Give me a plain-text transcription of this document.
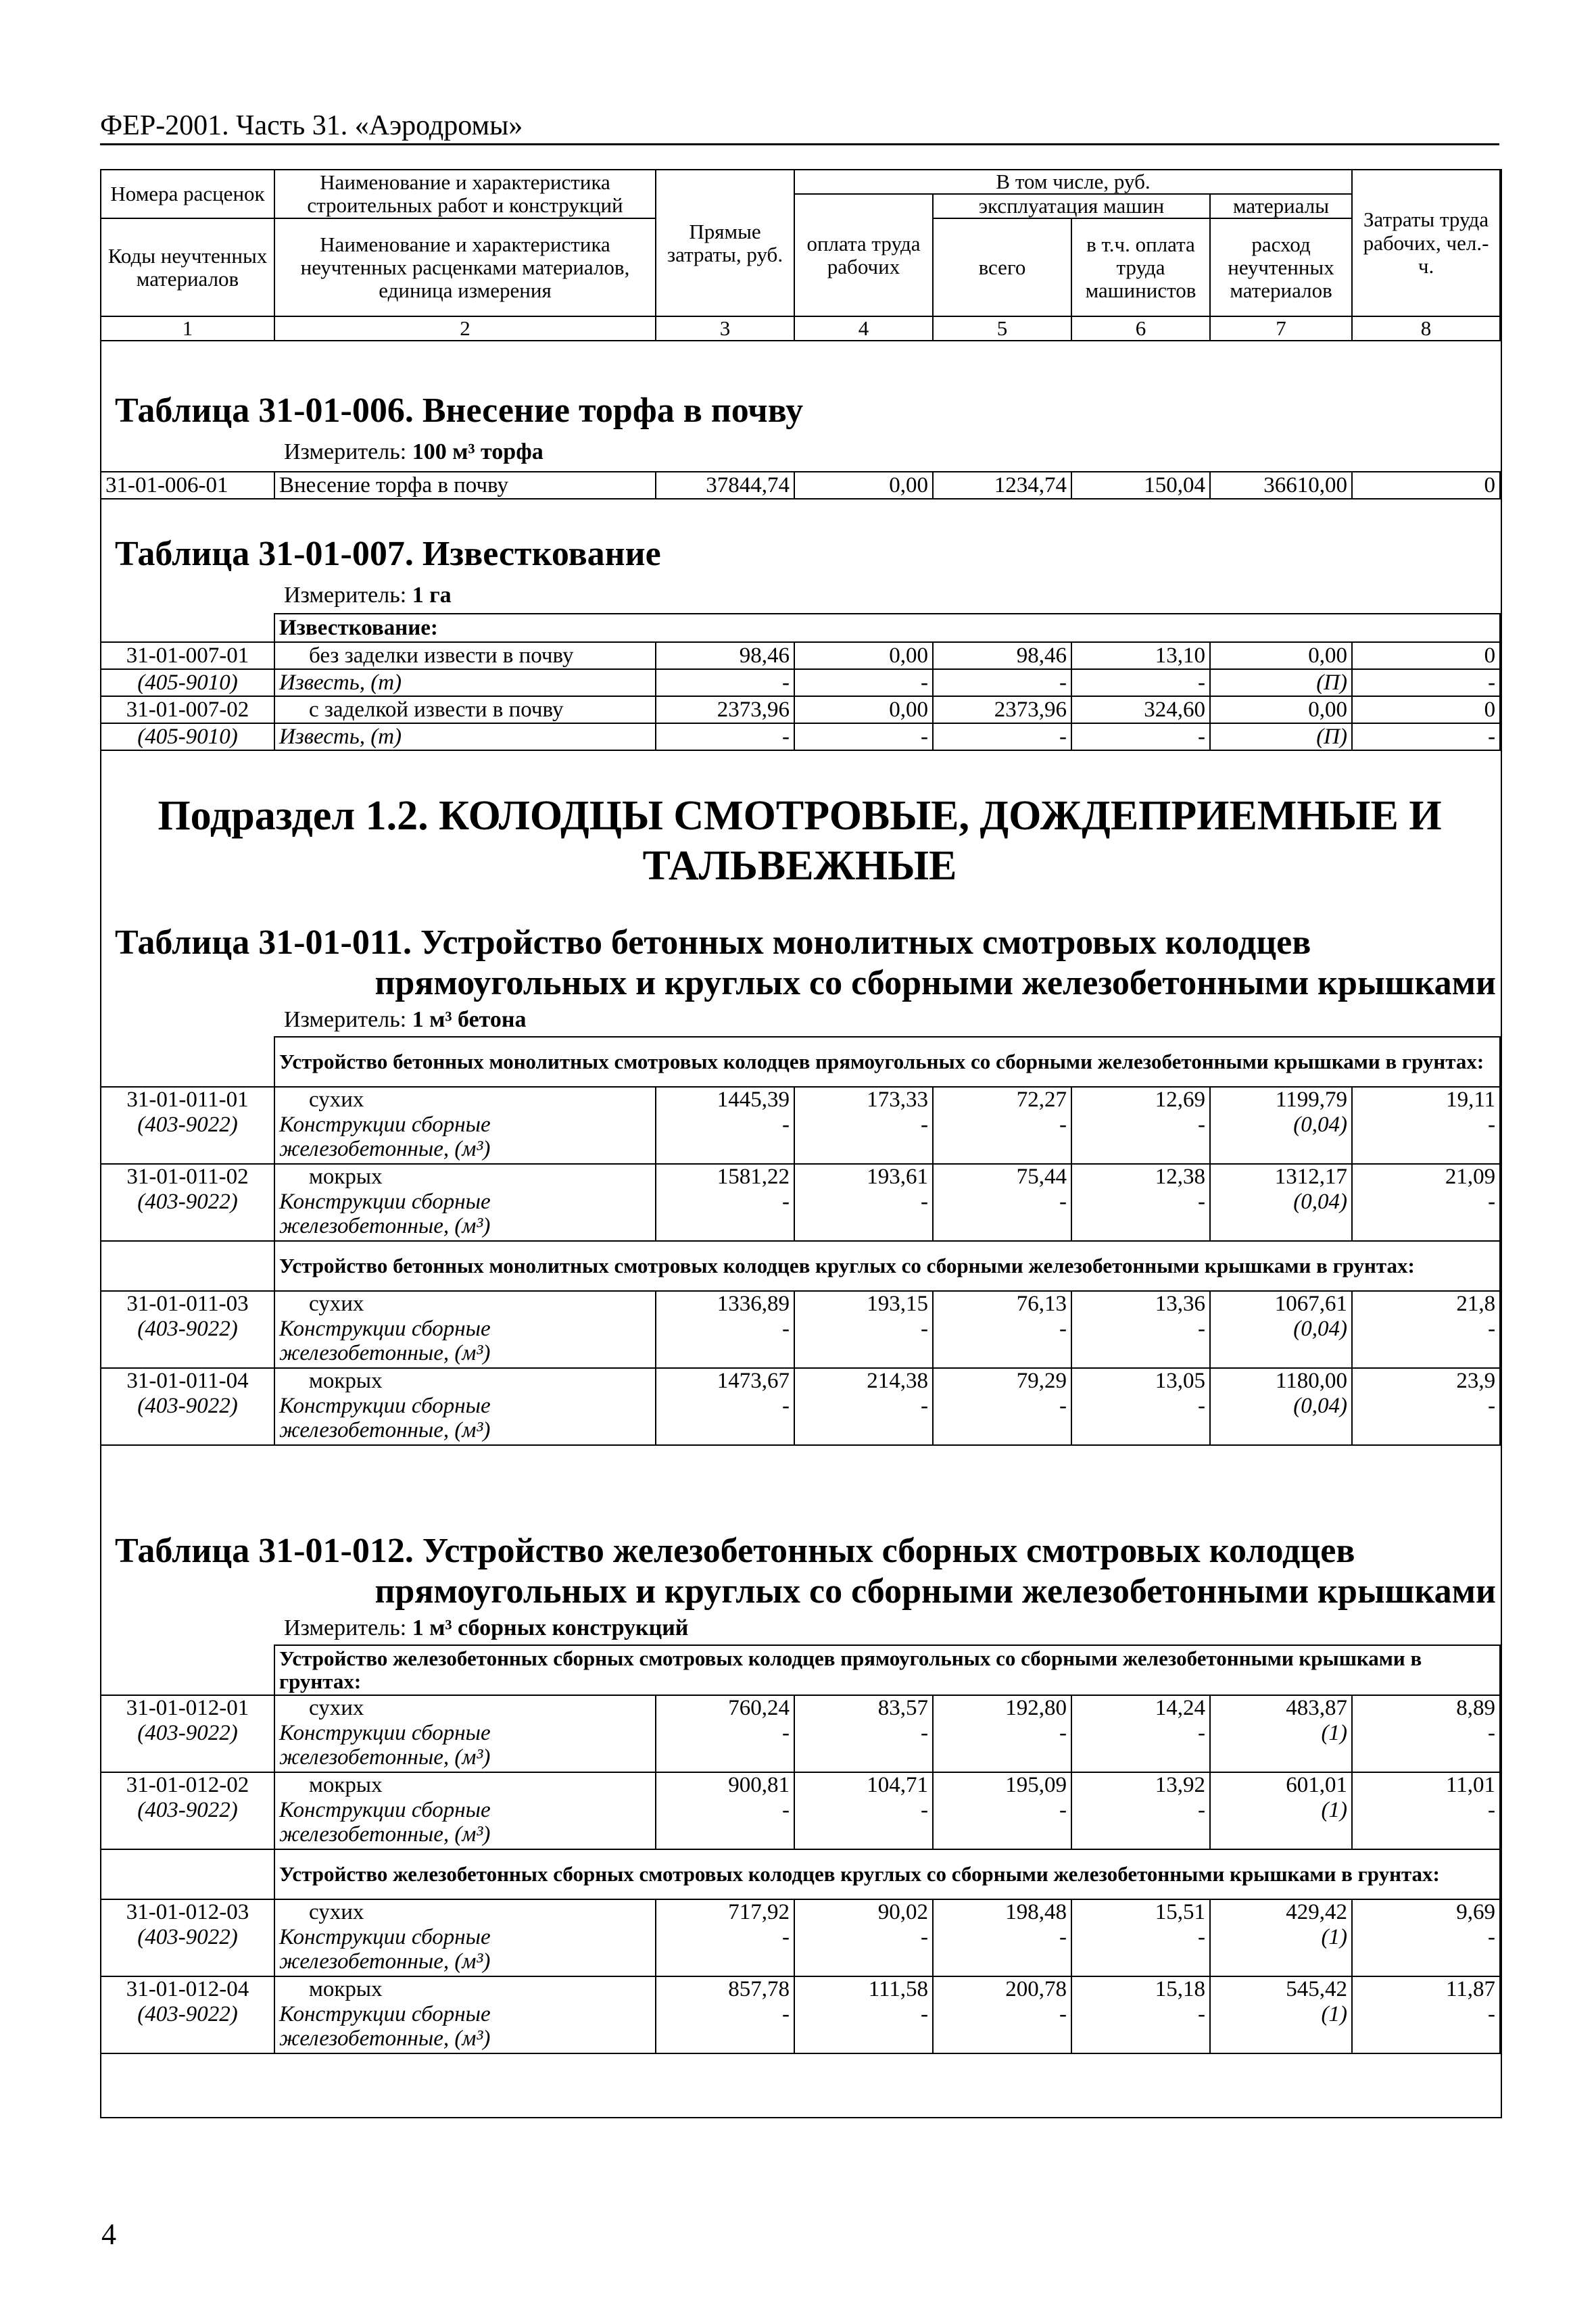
ФЕР-2001. Часть 31. «Аэродромы»
Номера расценок	Наименование и характеристика строительных работ и конструкций	Прямые затраты, руб.	В том числе, руб.				Затраты труда рабочих, чел.-ч.
			оплата труда рабочих	эксплуатация машин		материалы	
Коды неучтенных материалов	Наименование и характеристика неучтенных расценками материалов, единица измерения			всего	в т.ч. оплата труда машинистов	расход неучтенных материалов	
1	2	3	4	5	6	7	8
Таблица 31-01-006. Внесение торфа в почву
Измеритель: 100 м³ торфа
31-01-006-01	Внесение торфа в почву	37844,74	0,00	1234,74	150,04	36610,00	0
Таблица 31-01-007. Известкование
Измеритель: 1 га
	Известкование:						
31-01-007-01	без заделки извести в почву	98,46	0,00	98,46	13,10	0,00	0
(405-9010)	Известь, (т)	-	-	-	-	(П)	-
31-01-007-02	с заделкой извести в почву	2373,96	0,00	2373,96	324,60	0,00	0
(405-9010)	Известь, (т)	-	-	-	-	(П)	-
Подраздел 1.2. КОЛОДЦЫ СМОТРОВЫЕ, ДОЖДЕПРИЕМНЫЕ И
ТАЛЬВЕЖНЫЕ
Таблица 31-01-011. Устройство бетонных монолитных смотровых колодцев
прямоугольных и круглых со сборными железобетонными крышками
Измеритель: 1 м³ бетона
	Устройство бетонных монолитных смотровых колодцев прямоугольных со сборными железобетонными крышками в грунтах:						
31-01-011-01	сухих	1445,39	173,33	72,27	12,69	1199,79	19,11
(403-9022)	Конструкции сборные
железобетонные, (м³)	-	-	-	-	(0,04)	-
31-01-011-02	мокрых	1581,22	193,61	75,44	12,38	1312,17	21,09
(403-9022)	Конструкции сборные
железобетонные, (м³)	-	-	-	-	(0,04)	-
	Устройство бетонных монолитных смотровых колодцев круглых со сборными железобетонными крышками в грунтах:						
31-01-011-03	сухих	1336,89	193,15	76,13	13,36	1067,61	21,8
(403-9022)	Конструкции сборные
железобетонные, (м³)	-	-	-	-	(0,04)	-
31-01-011-04	мокрых	1473,67	214,38	79,29	13,05	1180,00	23,9
(403-9022)	Конструкции сборные
железобетонные, (м³)	-	-	-	-	(0,04)	-
Таблица 31-01-012. Устройство железобетонных сборных смотровых колодцев
прямоугольных и круглых со сборными железобетонными крышками
Измеритель: 1 м³ сборных конструкций
	Устройство железобетонных сборных смотровых колодцев прямоугольных со сборными железобетонными крышками в грунтах:						
31-01-012-01	сухих	760,24	83,57	192,80	14,24	483,87	8,89
(403-9022)	Конструкции сборные
железобетонные, (м³)	-	-	-	-	(1)	-
31-01-012-02	мокрых	900,81	104,71	195,09	13,92	601,01	11,01
(403-9022)	Конструкции сборные
железобетонные, (м³)	-	-	-	-	(1)	-
	Устройство железобетонных сборных смотровых колодцев круглых со сборными железобетонными крышками в грунтах:						
31-01-012-03	сухих	717,92	90,02	198,48	15,51	429,42	9,69
(403-9022)	Конструкции сборные
железобетонные, (м³)	-	-	-	-	(1)	-
31-01-012-04	мокрых	857,78	111,58	200,78	15,18	545,42	11,87
(403-9022)	Конструкции сборные
железобетонные, (м³)	-	-	-	-	(1)	-
4
